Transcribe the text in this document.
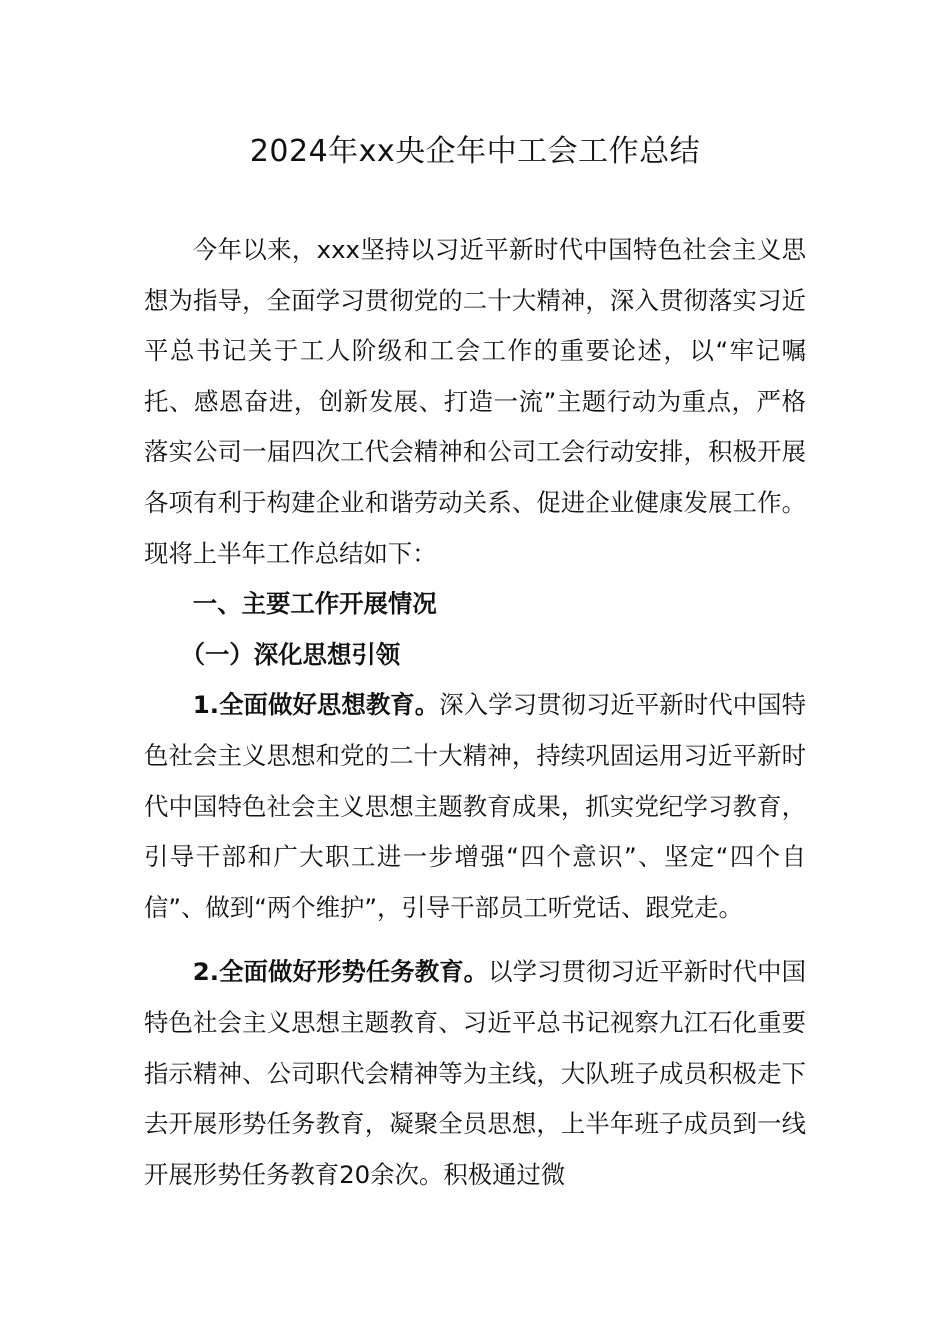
2024年xx央企年中工会工作总结

今年以来，xxx坚持以习近平新时代中国特色社会主义思想为指导，全面学习贯彻党的二十大精神，深入贯彻落实习近平总书记关于工人阶级和工会工作的重要论述，以“牢记嘱托、感恩奋进，创新发展、打造一流”主题行动为重点，严格落实公司一届四次工代会精神和公司工会行动安排，积极开展各项有利于构建企业和谐劳动关系、促进企业健康发展工作。现将上半年工作总结如下：

一、主要工作开展情况

（一）深化思想引领

1.全面做好思想教育。深入学习贯彻习近平新时代中国特色社会主义思想和党的二十大精神，持续巩固运用习近平新时代中国特色社会主义思想主题教育成果，抓实党纪学习教育，引导干部和广大职工进一步增强“四个意识”、坚定“四个自信”、做到“两个维护”，引导干部员工听党话、跟党走。

2.全面做好形势任务教育。以学习贯彻习近平新时代中国特色社会主义思想主题教育、习近平总书记视察九江石化重要指示精神、公司职代会精神等为主线，大队班子成员积极走下去开展形势任务教育，凝聚全员思想，上半年班子成员到一线开展形势任务教育20余次。积极通过微
